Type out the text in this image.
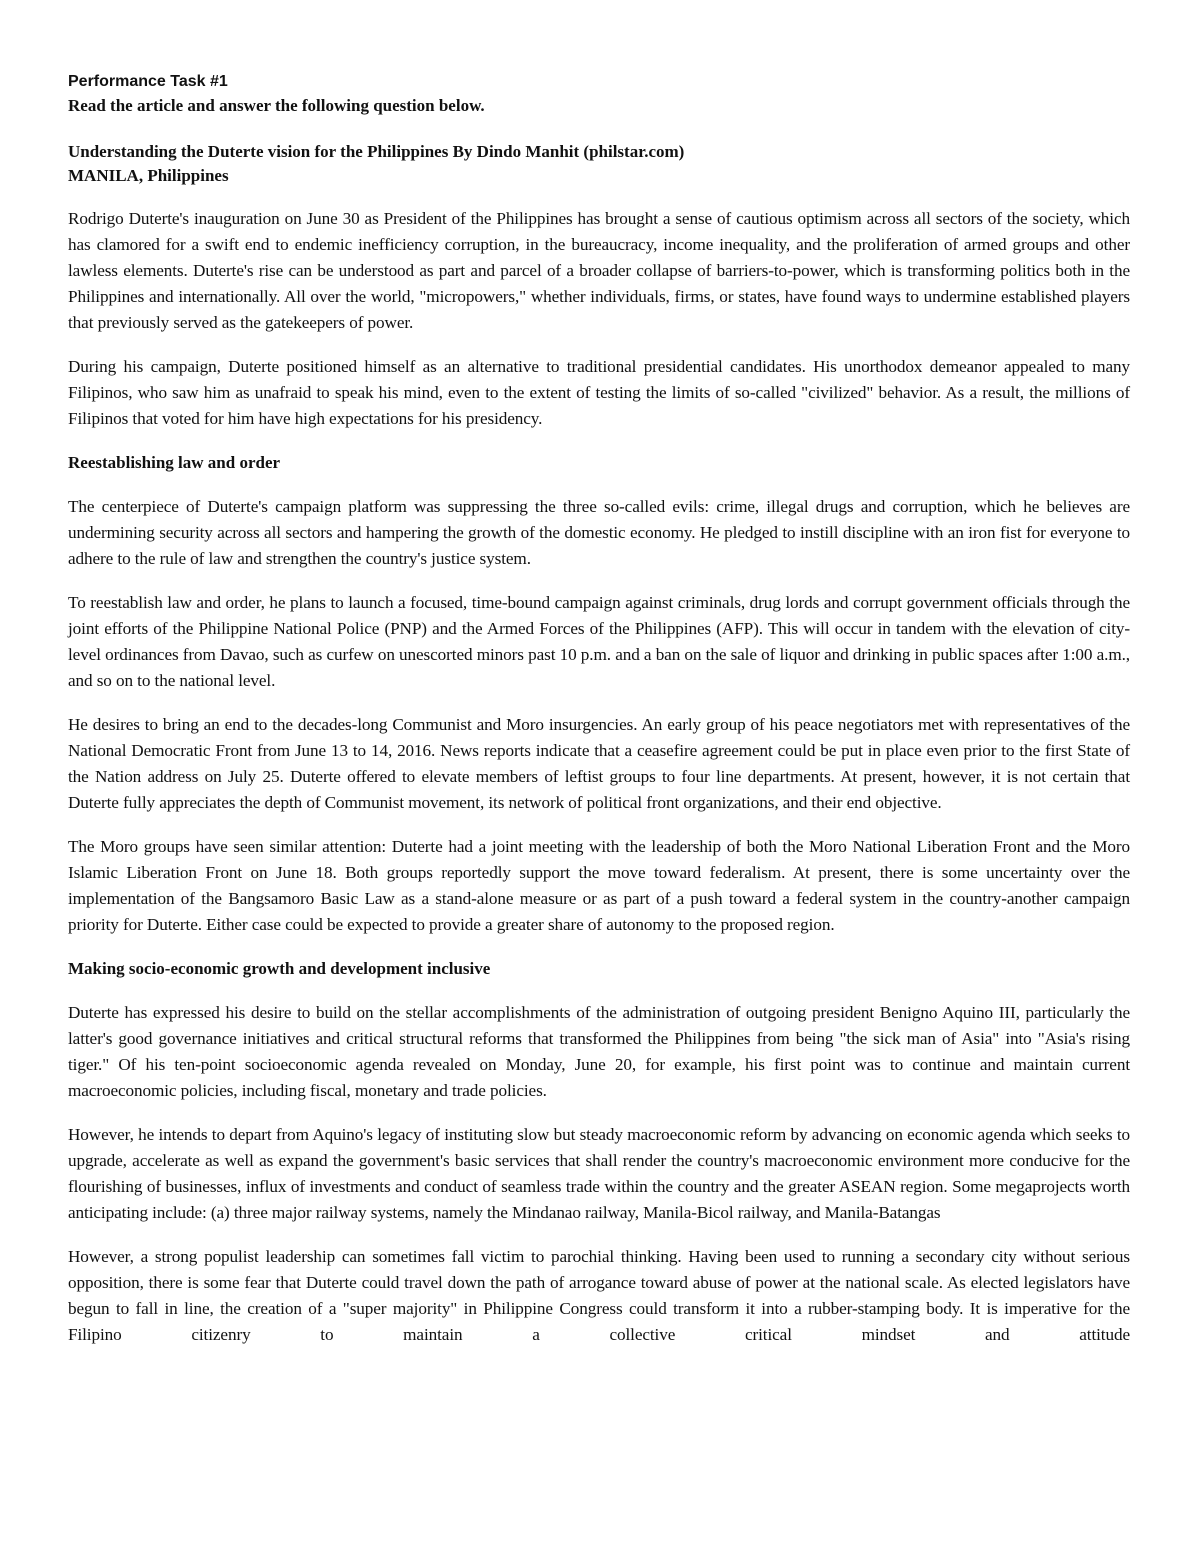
Performance Task #1

Read the article and answer the following question below.

Understanding the Duterte vision for the Philippines By Dindo Manhit (philstar.com)

MANILA, Philippines

Rodrigo Duterte's inauguration on June 30 as President of the Philippines has brought a sense of cautious optimism across all sectors of the society, which has clamored for a swift end to endemic inefficiency corruption, in the bureaucracy, income inequality, and the proliferation of armed groups and other lawless elements. Duterte's rise can be understood as part and parcel of a broader collapse of barriers-to-power, which is transforming politics both in the Philippines and internationally. All over the world, "micropowers," whether individuals, firms, or states, have found ways to undermine established players that previously served as the gatekeepers of power.

During his campaign, Duterte positioned himself as an alternative to traditional presidential candidates. His unorthodox demeanor appealed to many Filipinos, who saw him as unafraid to speak his mind, even to the extent of testing the limits of so-called "civilized" behavior. As a result, the millions of Filipinos that voted for him have high expectations for his presidency.

Reestablishing law and order

The centerpiece of Duterte's campaign platform was suppressing the three so-called evils: crime, illegal drugs and corruption, which he believes are undermining security across all sectors and hampering the growth of the domestic economy. He pledged to instill discipline with an iron fist for everyone to adhere to the rule of law and strengthen the country's justice system.

To reestablish law and order, he plans to launch a focused, time-bound campaign against criminals, drug lords and corrupt government officials through the joint efforts of the Philippine National Police (PNP) and the Armed Forces of the Philippines (AFP). This will occur in tandem with the elevation of city-level ordinances from Davao, such as curfew on unescorted minors past 10 p.m. and a ban on the sale of liquor and drinking in public spaces after 1:00 a.m., and so on to the national level.

He desires to bring an end to the decades-long Communist and Moro insurgencies. An early group of his peace negotiators met with representatives of the National Democratic Front from June 13 to 14, 2016. News reports indicate that a ceasefire agreement could be put in place even prior to the first State of the Nation address on July 25. Duterte offered to elevate members of leftist groups to four line departments. At present, however, it is not certain that Duterte fully appreciates the depth of Communist movement, its network of political front organizations, and their end objective.

The Moro groups have seen similar attention: Duterte had a joint meeting with the leadership of both the Moro National Liberation Front and the Moro Islamic Liberation Front on June 18. Both groups reportedly support the move toward federalism. At present, there is some uncertainty over the implementation of the Bangsamoro Basic Law as a stand-alone measure or as part of a push toward a federal system in the country-another campaign priority for Duterte. Either case could be expected to provide a greater share of autonomy to the proposed region.

Making socio-economic growth and development inclusive

Duterte has expressed his desire to build on the stellar accomplishments of the administration of outgoing president Benigno Aquino III, particularly the latter's good governance initiatives and critical structural reforms that transformed the Philippines from being "the sick man of Asia" into "Asia's rising tiger." Of his ten-point socioeconomic agenda revealed on Monday, June 20, for example, his first point was to continue and maintain current macroeconomic policies, including fiscal, monetary and trade policies.

However, he intends to depart from Aquino's legacy of instituting slow but steady macroeconomic reform by advancing on economic agenda which seeks to upgrade, accelerate as well as expand the government's basic services that shall render the country's macroeconomic environment more conducive for the flourishing of businesses, influx of investments and conduct of seamless trade within the country and the greater ASEAN region. Some megaprojects worth anticipating include: (a) three major railway systems, namely the Mindanao railway, Manila-Bicol railway, and Manila-Batangas

However, a strong populist leadership can sometimes fall victim to parochial thinking. Having been used to running a secondary city without serious opposition, there is some fear that Duterte could travel down the path of arrogance toward abuse of power at the national scale. As elected legislators have begun to fall in line, the creation of a "super majority" in Philippine Congress could transform it into a rubber-stamping body. It is imperative for the Filipino citizenry to maintain a collective critical mindset and attitude
